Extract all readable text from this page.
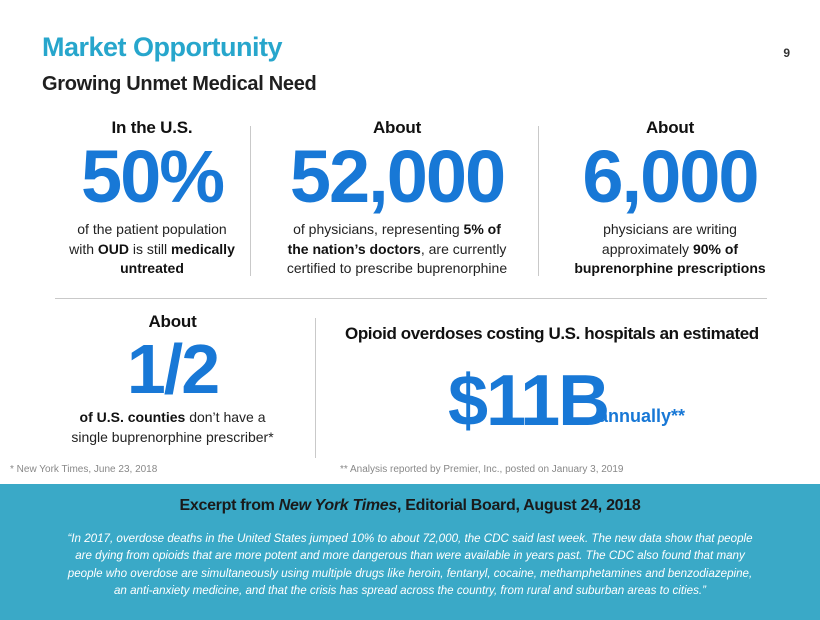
Market Opportunity
Growing Unmet Medical Need
9
In the U.S.
50%
of the patient population
with OUD is still medically
untreated
About
52,000
of physicians, representing 5% of
the nation’s doctors, are currently
certified to prescribe buprenorphine
About
6,000
physicians are writing
approximately 90% of
buprenorphine prescriptions
About
1/2
of U.S. counties don’t have a
single buprenorphine prescriber*
Opioid overdoses costing U.S. hospitals an estimated
$11B
annually**
* New York Times, June 23, 2018	** Analysis reported by Premier, Inc., posted on January 3, 2019
Excerpt from New York Times, Editorial Board, August 24, 2018
“In 2017, overdose deaths in the United States jumped 10% to about 72,000, the CDC said last week. The new data show that people
are dying from opioids that are more potent and more dangerous than were available in years past. The CDC also found that many
people who overdose are simultaneously using multiple drugs like heroin, fentanyl, cocaine, methamphetamines and benzodiazepine,
an anti-anxiety medicine, and that the crisis has spread across the country, from rural and suburban areas to cities.”
